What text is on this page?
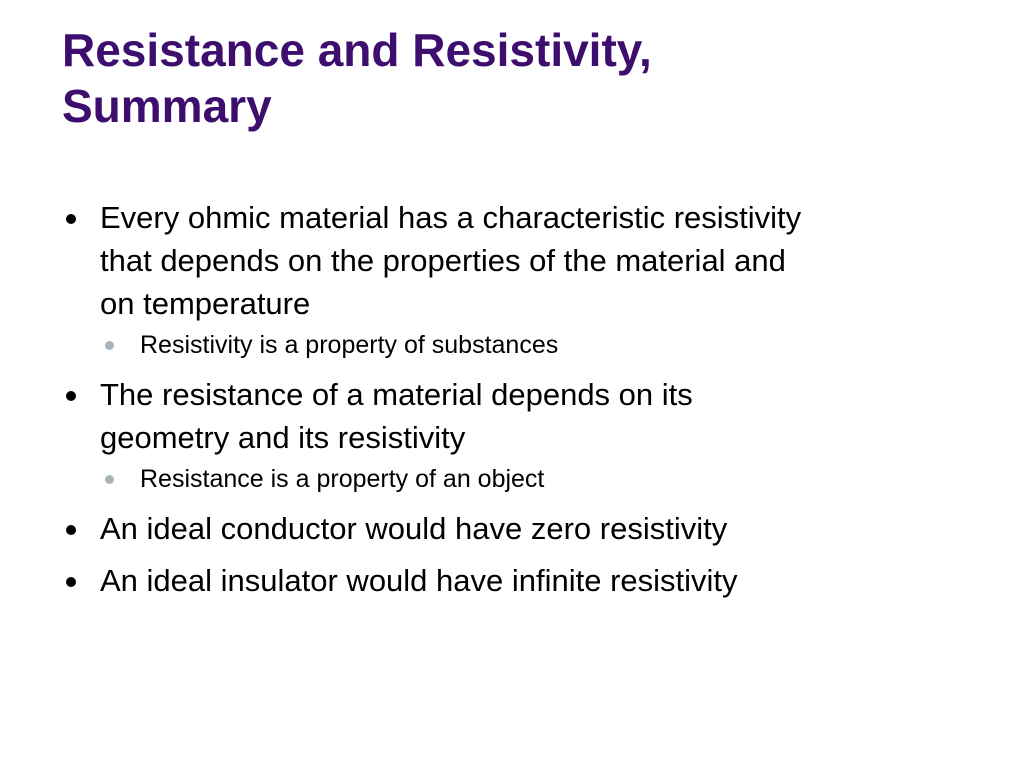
Resistance and Resistivity,
Summary
Every ohmic material has a characteristic resistivity
that depends on the properties of the material and
on temperature
Resistivity is a property of substances
The resistance of a material depends on its
geometry and its resistivity
Resistance is a property of an object
An ideal conductor would have zero resistivity
An ideal insulator would have infinite resistivity
